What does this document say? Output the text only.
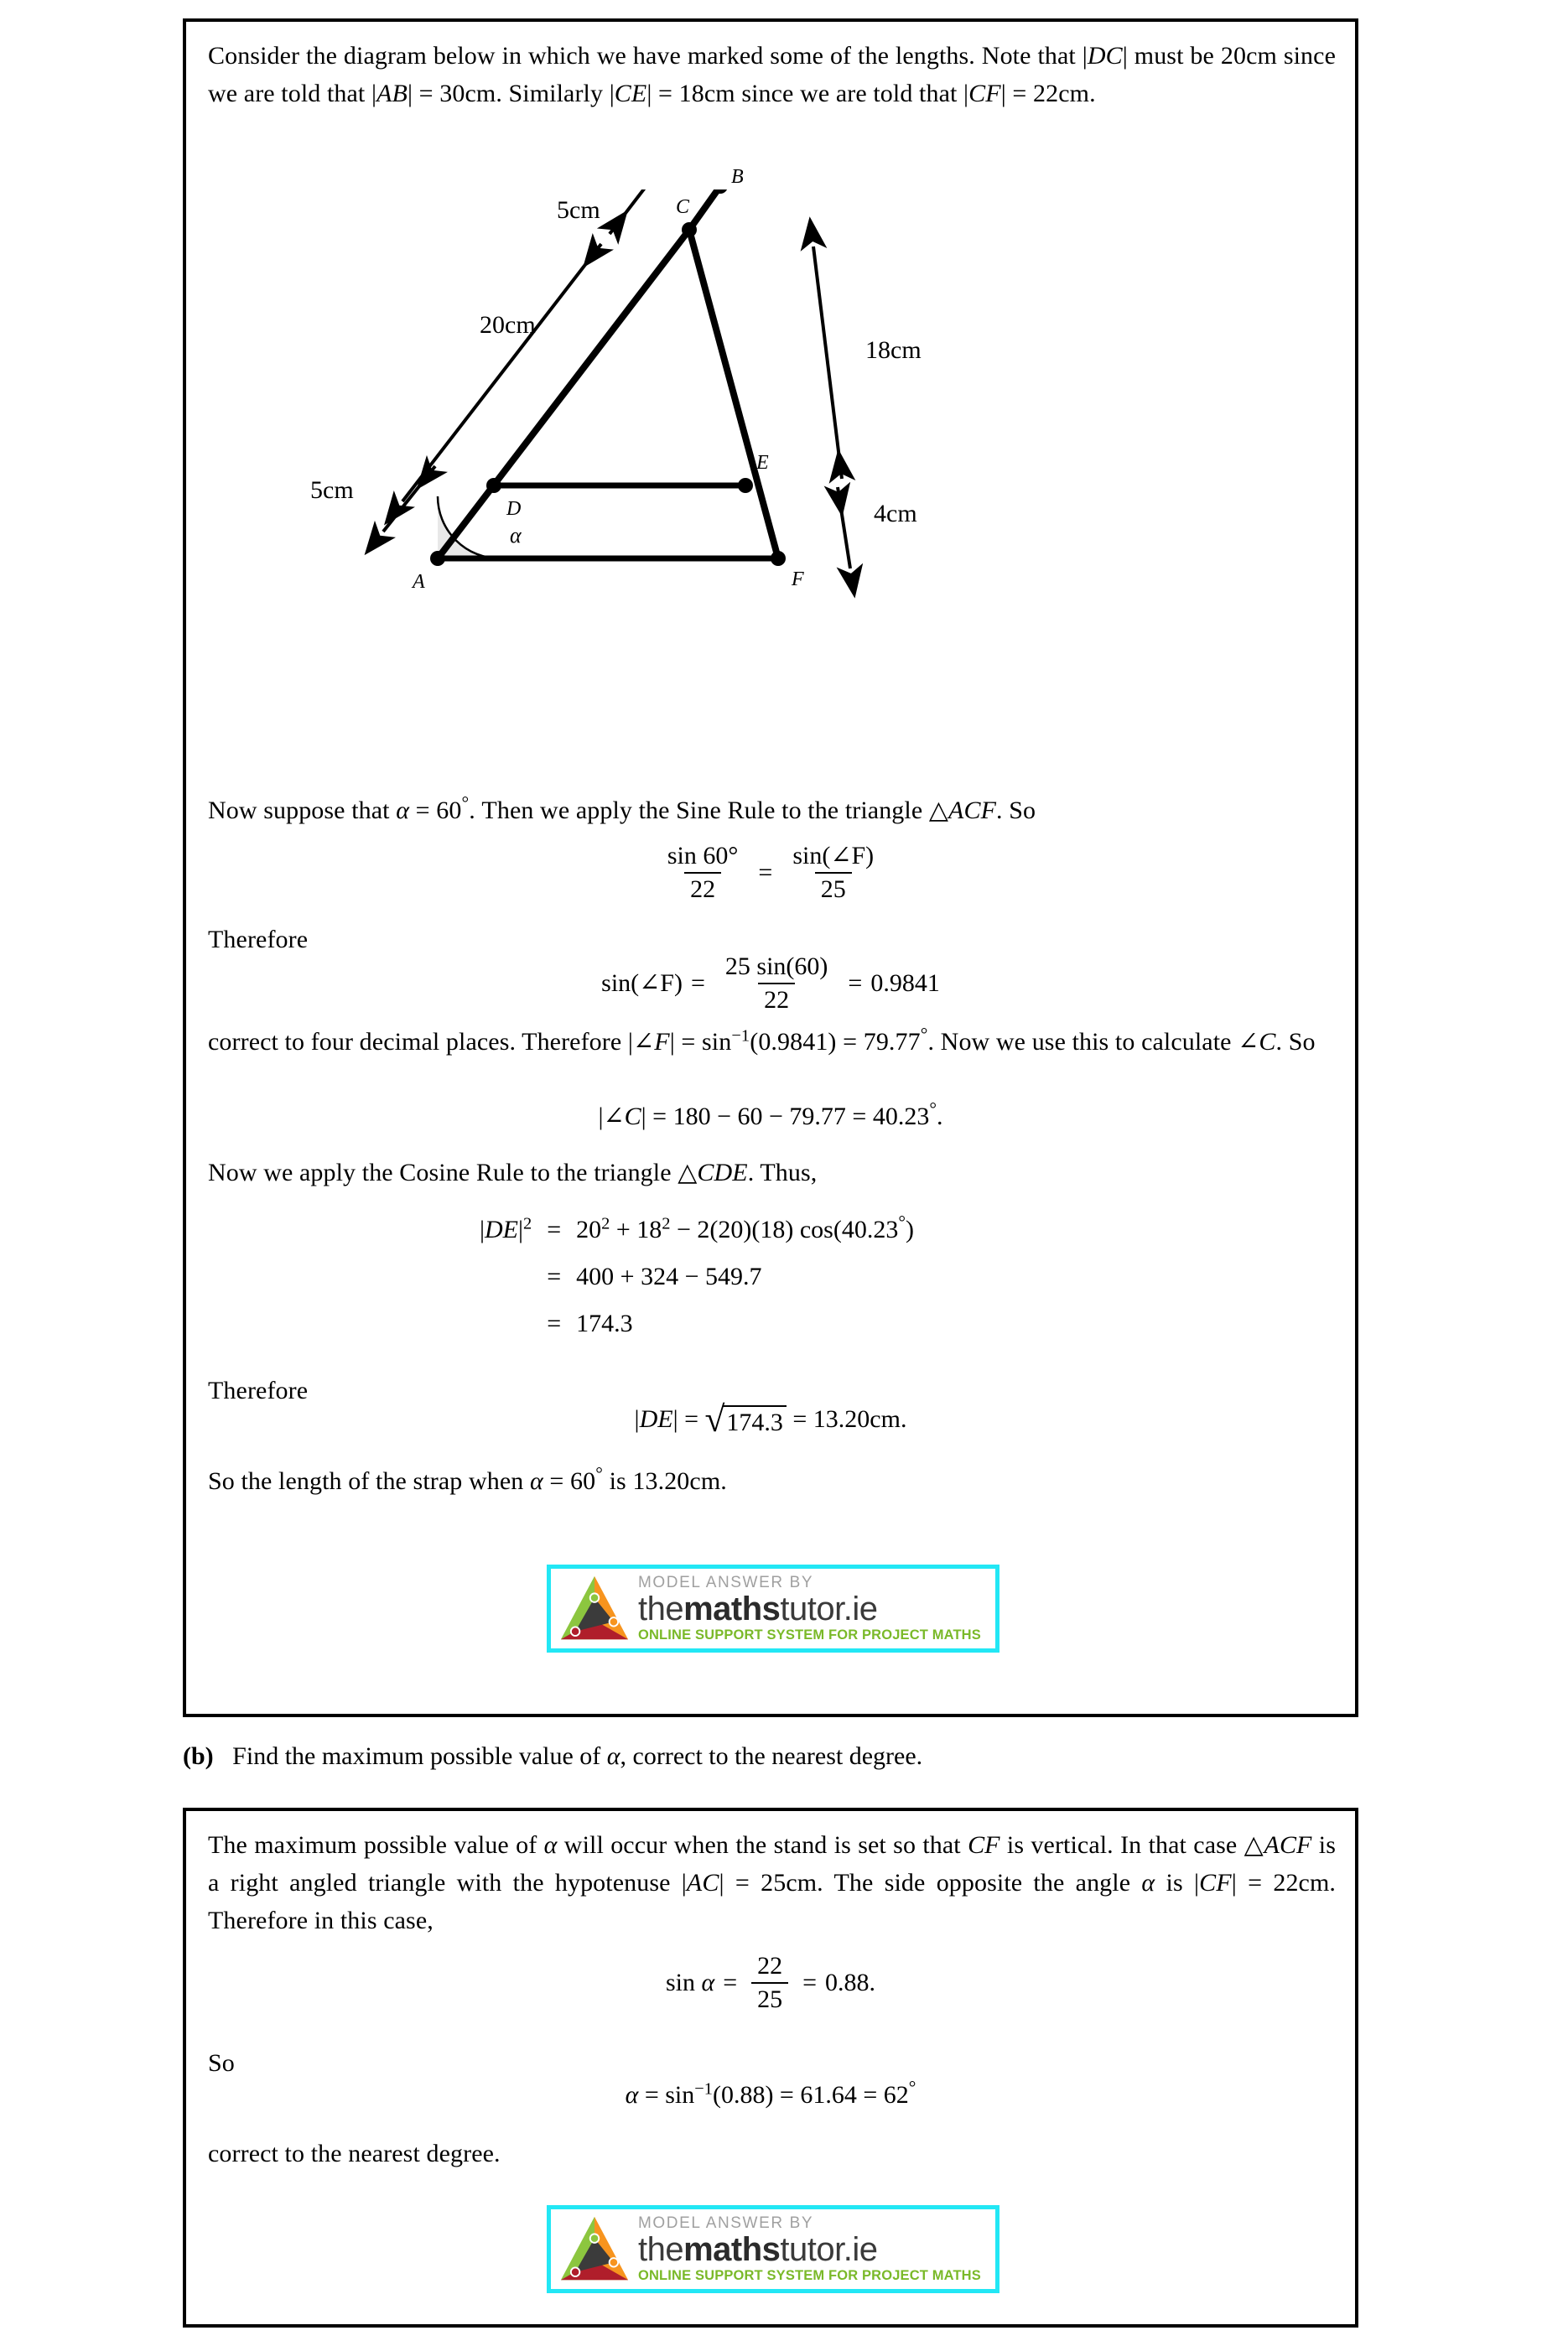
Consider the diagram below in which we have marked some of the lengths. Note that |DC| must be 20cm since we are told that |AB| = 30cm. Similarly |CE| = 18cm since we are told that |CF| = 22cm.
5cm
20cm
5cm
18cm
4cm
A
B
C
D
E
F
α
Now suppose that α = 60°. Then we apply the Sine Rule to the triangle △ACF. So
$\frac{\sin 60^\circ}{22} = \frac{\sin(\angle F)}{25}$
Therefore
sin(∠F) = $\frac{25 \sin(60)}{22} = 0.9841$
correct to four decimal places. Therefore |∠F| = $\sin^{-1}(0.9841) = 79.77^\circ$. Now we use this to calculate ∠C. So
|∠C| = 180 − 60 − 79.77 = 40.23°.
Now we apply the Cosine Rule to the triangle △CDE. Thus,
$|DE|^2 = 20^2 + 18^2 - 2(20)(18)$ cos(40.23°)
= 400 + 324 − 549.7
= 174.3
Therefore
|DE| = √ 174.3 = 13.20cm.
So the length of the strap when α = 60° is 13.20cm.
MODEL ANSWER BY
themathstutor.ie
ONLINE SUPPORT SYSTEM FOR PROJECT MATHS
(b)   Find the maximum possible value of α, correct to the nearest degree.
The maximum possible value of α will occur when the stand is set so that CF is vertical. In that case △ACF is a right angled triangle with the hypotenuse |AC| = 25cm. The side opposite the angle α is |CF| = 22cm. Therefore in this case,
$\sin \alpha = \frac{22}{25} = 0.88$.
So
$\alpha = \sin^{-1}(0.88) = 61.64 = 62^\circ$
correct to the nearest degree.
MODEL ANSWER BY
themathstutor.ie
ONLINE SUPPORT SYSTEM FOR PROJECT MATHS
